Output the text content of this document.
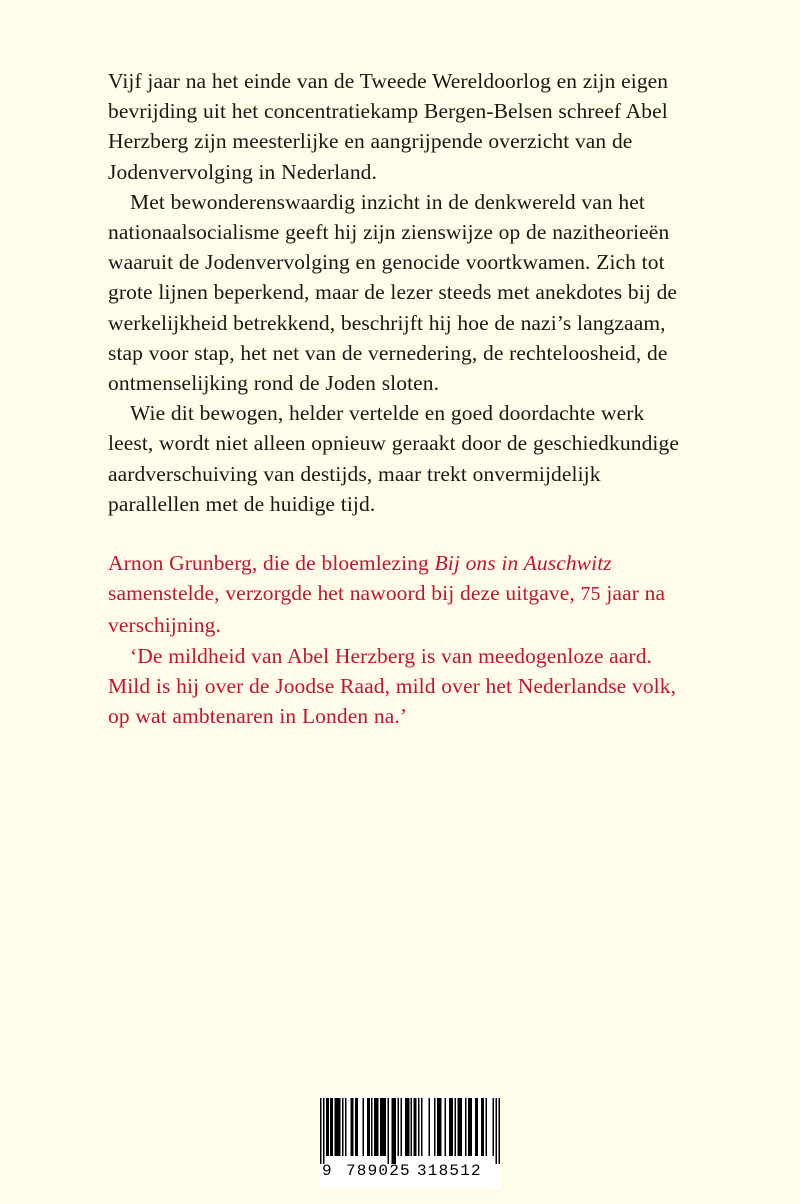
Vijf jaar na het einde van de Tweede Wereldoorlog en zijn eigen bevrijding uit het concentratiekamp Bergen-Belsen schreef Abel Herzberg zijn meesterlijke en aangrijpende overzicht van de Jodenvervolging in Nederland.

Met bewonderenswaardig inzicht in de denkwereld van het nationaalsocialisme geeft hij zijn zienswijze op de nazitheorieën waaruit de Jodenvervolging en genocide voortkwamen. Zich tot grote lijnen beperkend, maar de lezer steeds met anekdotes bij de werkelijkheid betrekkend, beschrijft hij hoe de nazi’s langzaam, stap voor stap, het net van de vernedering, de rechteloosheid, de ontmenselijking rond de Joden sloten.

Wie dit bewogen, helder vertelde en goed doordachte werk leest, wordt niet alleen opnieuw geraakt door de geschiedkundige aardverschuiving van destijds, maar trekt onvermijdelijk parallellen met de huidige tijd.

Arnon Grunberg, die de bloemlezing Bij ons in Auschwitz samenstelde, verzorgde het nawoord bij deze uitgave, 75 jaar na verschijning.

‘De mildheid van Abel Herzberg is van meedogenloze aard. Mild is hij over de Joodse Raad, mild over het Nederlandse volk, op wat ambtenaren in Londen na.’

9 789025 318512
